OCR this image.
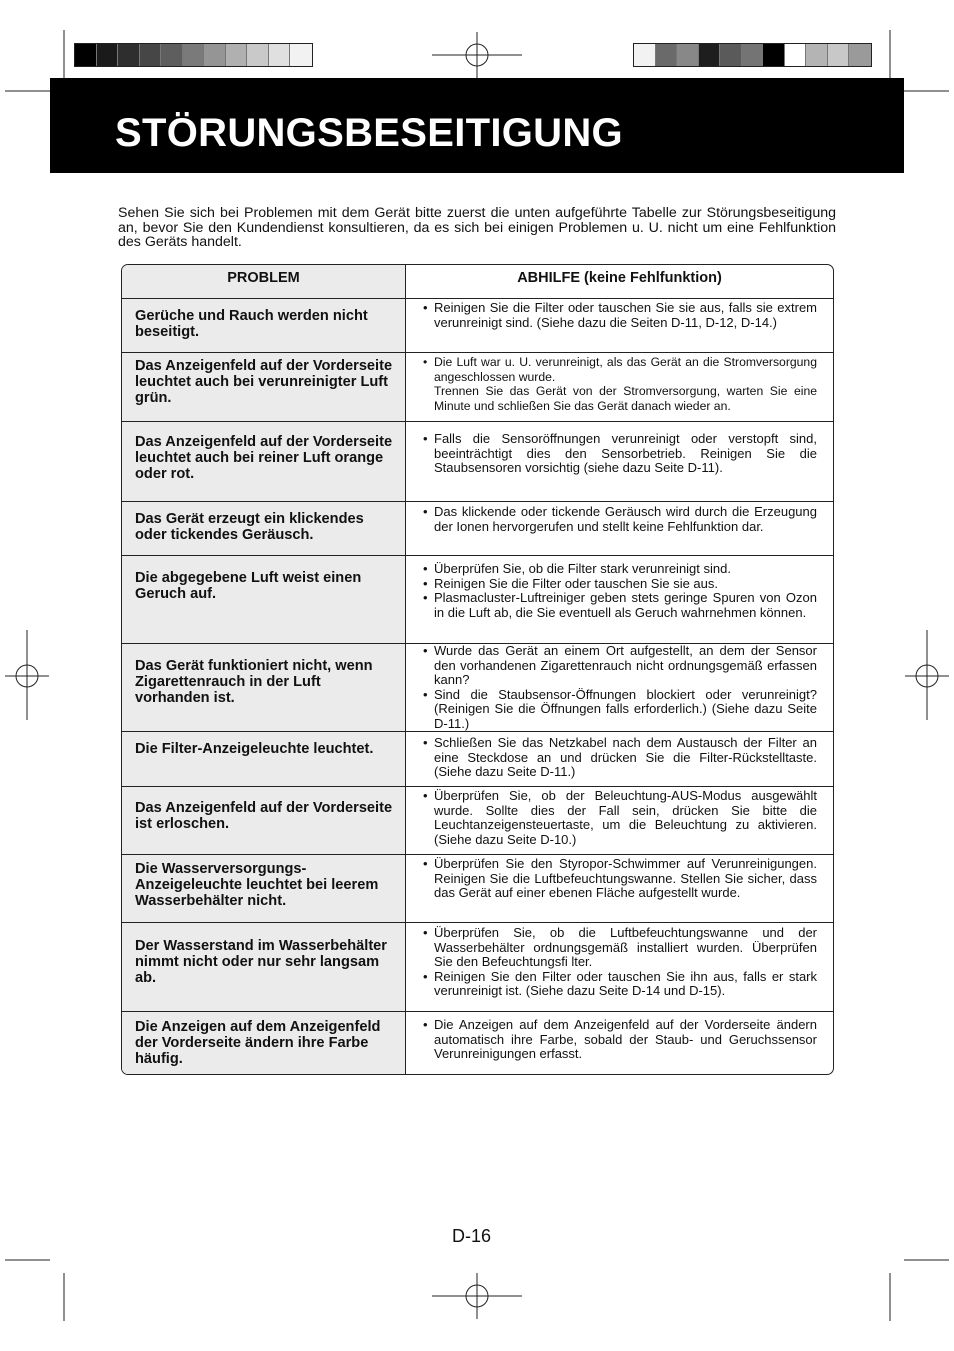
STÖRUNGSBESEITIGUNG

Sehen Sie sich bei Problemen mit dem Gerät bitte zuerst die unten aufgeführte Tabelle zur Störungsbeseitigung an, bevor Sie den Kundendienst konsultieren, da es sich bei einigen Problemen u. U. nicht um eine Fehlfunktion des Geräts handelt.

PROBLEM	ABHILFE (keine Fehlfunktion)
Gerüche und Rauch werden nicht beseitigt.
• Reinigen Sie die Filter oder tauschen Sie sie aus, falls sie extrem verunreinigt sind. (Siehe dazu die Seiten D-11, D-12, D-14.)
Das Anzeigenfeld auf der Vorderseite leuchtet auch bei verunreinigter Luft grün.
• Die Luft war u. U. verunreinigt, als das Gerät an die Stromversorgung angeschlossen wurde.
Trennen Sie das Gerät von der Stromversorgung, warten Sie eine Minute und schließen Sie das Gerät danach wieder an.
Das Anzeigenfeld auf der Vorderseite leuchtet auch bei reiner Luft orange oder rot.
• Falls die Sensoröffnungen verunreinigt oder verstopft sind, beeinträchtigt dies den Sensorbetrieb. Reinigen Sie die Staubsensoren vorsichtig (siehe dazu Seite D-11).
Das Gerät erzeugt ein klickendes oder tickendes Geräusch.
• Das klickende oder tickende Geräusch wird durch die Erzeugung der Ionen hervorgerufen und stellt keine Fehlfunktion dar.
Die abgegebene Luft weist einen Geruch auf.
• Überprüfen Sie, ob die Filter stark verunreinigt sind.
• Reinigen Sie die Filter oder tauschen Sie sie aus.
• Plasmacluster-Luftreiniger geben stets geringe Spuren von Ozon in die Luft ab, die Sie eventuell als Geruch wahrnehmen können.
Das Gerät funktioniert nicht, wenn Zigarettenrauch in der Luft vorhanden ist.
• Wurde das Gerät an einem Ort aufgestellt, an dem der Sensor den vorhandenen Zigarettenrauch nicht ordnungsgemäß erfassen kann?
• Sind die Staubsensor-Öffnungen blockiert oder verunreinigt? (Reinigen Sie die Öffnungen falls erforderlich.) (Siehe dazu Seite D-11.)
Die Filter-Anzeigeleuchte leuchtet.
•	Schließen Sie das Netzkabel nach dem Austausch der Filter an eine Steckdose an und drücken Sie die Filter-Rückstelltaste. (Siehe dazu Seite D-11.)
Das Anzeigenfeld auf der Vorderseite ist erloschen.
• Überprüfen Sie, ob der Beleuchtung-AUS-Modus ausgewählt wurde. Sollte dies der Fall sein, drücken Sie bitte die Leuchtanzeigensteuertaste, um die Beleuchtung zu aktivieren. (Siehe dazu Seite D-10.)
Die Wasserversorgungs-Anzeigeleuchte leuchtet bei leerem Wasserbehälter nicht.
• Überprüfen Sie den Styropor-Schwimmer auf Verunreinigungen. Reinigen Sie die Luftbefeuchtungswanne. Stellen Sie sicher, dass das Gerät auf einer ebenen Fläche aufgestellt wurde.
Der Wasserstand im Wasserbehälter nimmt nicht oder nur sehr langsam ab.
• Überprüfen Sie, ob die Luftbefeuchtungswanne und der Wasserbehälter ordnungsgemäß installiert wurden. Überprüfen Sie den Befeuchtungsfi lter.
• Reinigen Sie den Filter oder tauschen Sie ihn aus, falls er stark verunreinigt ist. (Siehe dazu Seite D-14 und D-15).
Die Anzeigen auf dem Anzeigenfeld der Vorderseite ändern ihre Farbe häufig.
• Die Anzeigen auf dem Anzeigenfeld auf der Vorderseite ändern automatisch ihre Farbe, sobald der Staub- und Geruchssensor Verunreinigungen erfasst.
D-16
